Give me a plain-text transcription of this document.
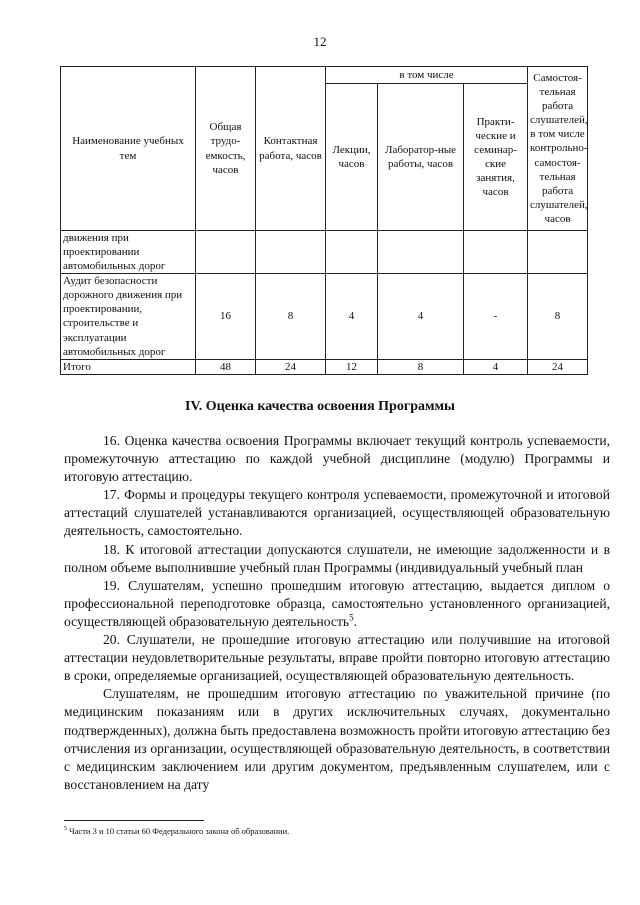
12
Наименование учебных тем	Общая трудо-емкость, часов	Контактная работа, часов	в том числе			Самостоя-тельная работа слушателей, в том числе контрольно-самостоя-тельная работа слушателей, часов
			Лекции, часов	Лаборатор-ные работы, часов	Практи-ческие и семинар-ские занятия, часов	
движения при проектировании автомобильных дорог						
Аудит безопасности дорожного движения при проектировании, строительстве и эксплуатации автомобильных дорог	16	8	4	4	-	8
Итого	48	24	12	8	4	24
IV. Оценка качества освоения Программы

16. Оценка качества освоения Программы включает текущий контроль успеваемости, промежуточную аттестацию по каждой учебной дисциплине (модулю) Программы и итоговую аттестацию.

17. Формы и процедуры текущего контроля успеваемости, промежуточной и итоговой аттестаций слушателей устанавливаются организацией, осуществляющей образовательную деятельность, самостоятельно.

18. К итоговой аттестации допускаются слушатели, не имеющие задолженности и в полном объеме выполнившие учебный план Программы (индивидуальный учебный план

19. Слушателям, успешно прошедшим итоговую аттестацию, выдается диплом о профессиональной переподготовке образца, самостоятельно установленного организацией, осуществляющей образовательную деятельность$^5$.

20. Слушатели, не прошедшие итоговую аттестацию или получившие на итоговой аттестации неудовлетворительные результаты, вправе пройти повторно итоговую аттестацию в сроки, определяемые организацией, осуществляющей образовательную деятельность.

Слушателям, не прошедшим итоговую аттестацию по уважительной причине (по медицинским показаниям или в других исключительных случаях, документально подтвержденных), должна быть предоставлена возможность пройти итоговую аттестацию без отчисления из организации, осуществляющей образовательную деятельность, в соответствии с медицинским заключением или другим документом, предъявленным слушателем, или с восстановлением на дату

$^5$ Части 3 и 10 статьи 60 Федерального закона об образовании.
